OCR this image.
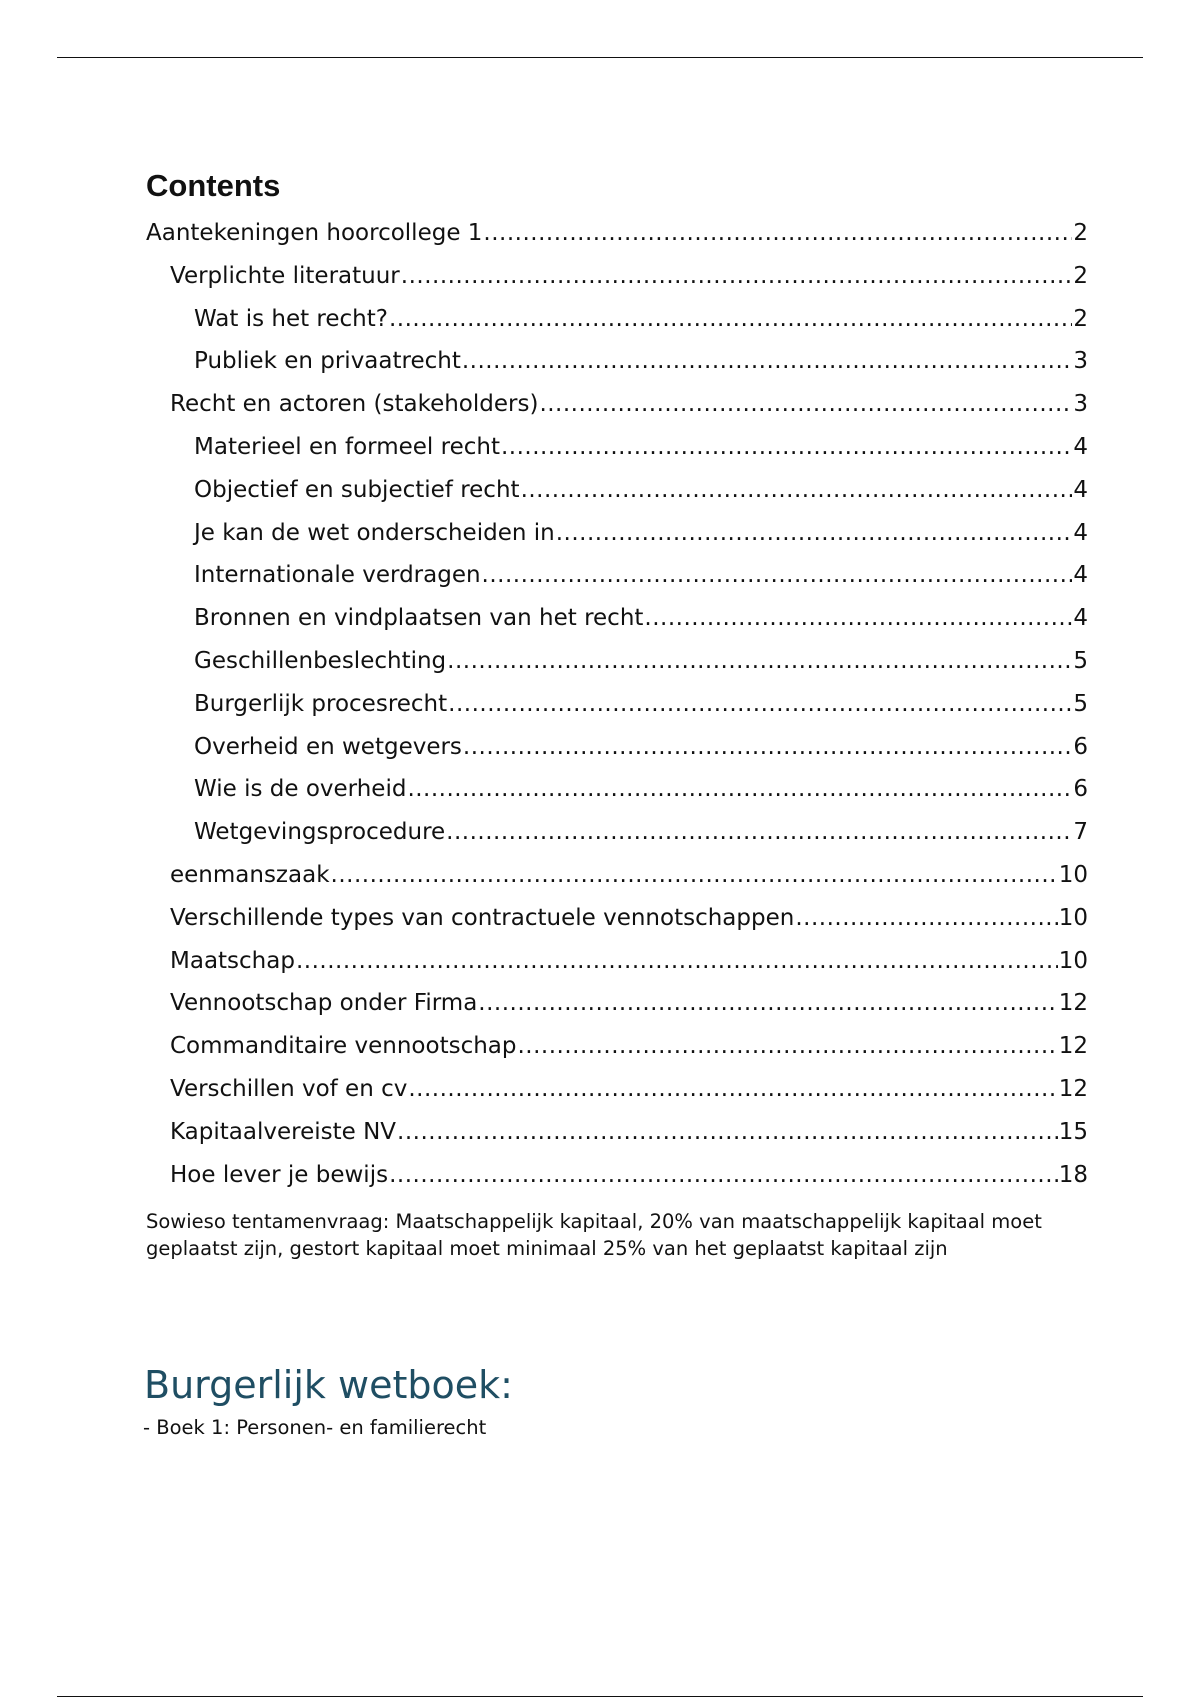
Contents
Aantekeningen hoorcollege 1 .....	2
Verplichte literatuur .....	2
Wat is het recht? .....	2
Publiek en privaatrecht .....	3
Recht en actoren (stakeholders) .....	3
Materieel en formeel recht .....	4
Objectief en subjectief recht .....	4
Je kan de wet onderscheiden in .....	4
Internationale verdragen .....	4
Bronnen en vindplaatsen van het recht .....	4
Geschillenbeslechting .....	5
Burgerlijk procesrecht .....	5
Overheid en wetgevers .....	6
Wie is de overheid .....	6
Wetgevingsprocedure .....	7
eenmanszaak .....	10
Verschillende types van contractuele vennotschappen .....	10
Maatschap .....	10
Vennootschap onder Firma .....	12
Commanditaire vennootschap .....	12
Verschillen vof en cv .....	12
Kapitaalvereiste NV .....	15
Hoe lever je bewijs .....	18

Sowieso tentamenvraag: Maatschappelijk kapitaal, 20% van maatschappelijk kapitaal moet geplaatst zijn, gestort kapitaal moet minimaal 25% van het geplaatst kapitaal zijn

Burgerlijk wetboek:

- Boek 1: Personen- en familierecht
